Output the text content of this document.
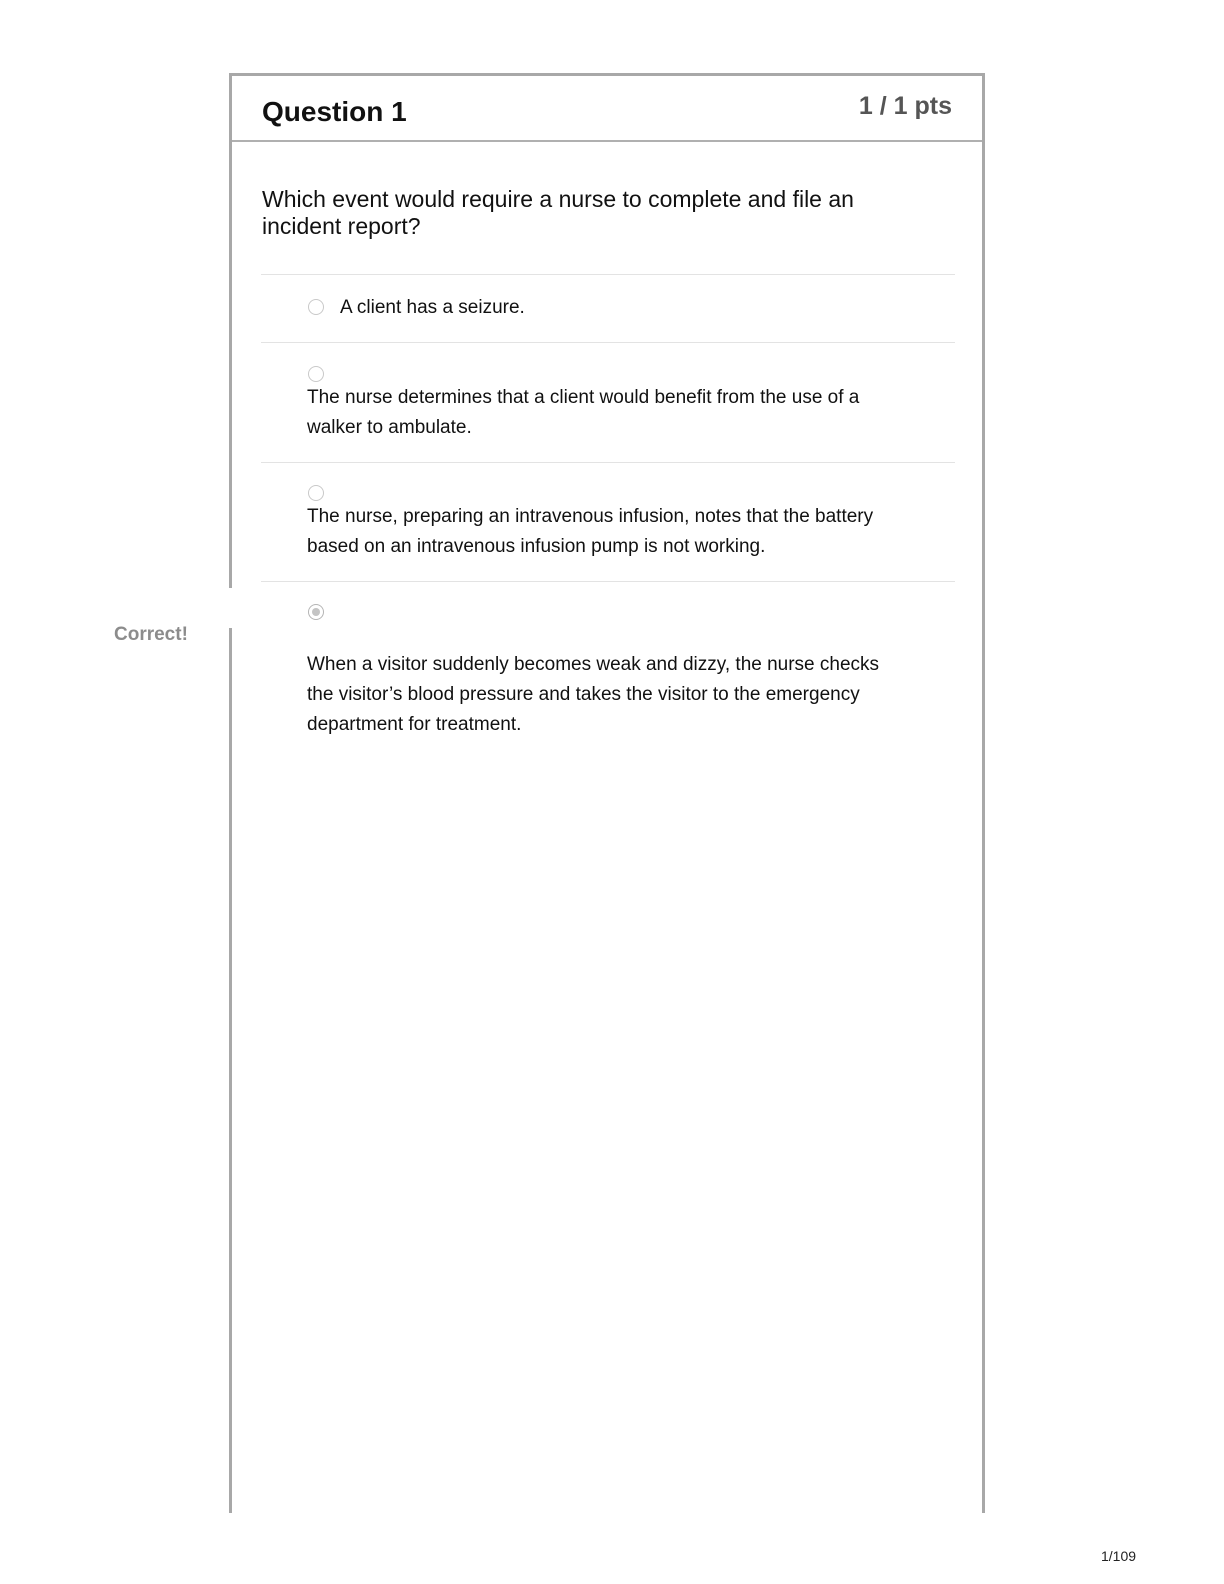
Question 1	1 / 1 pts
Which event would require a nurse to complete and file an incident report?
A client has a seizure.
The nurse determines that a client would benefit from the use of a walker to ambulate.
The nurse, preparing an intravenous infusion, notes that the battery based on an intravenous infusion pump is not working.
When a visitor suddenly becomes weak and dizzy, the nurse checks the visitor’s blood pressure and takes the visitor to the emergency department for treatment.
Correct!
1/109
